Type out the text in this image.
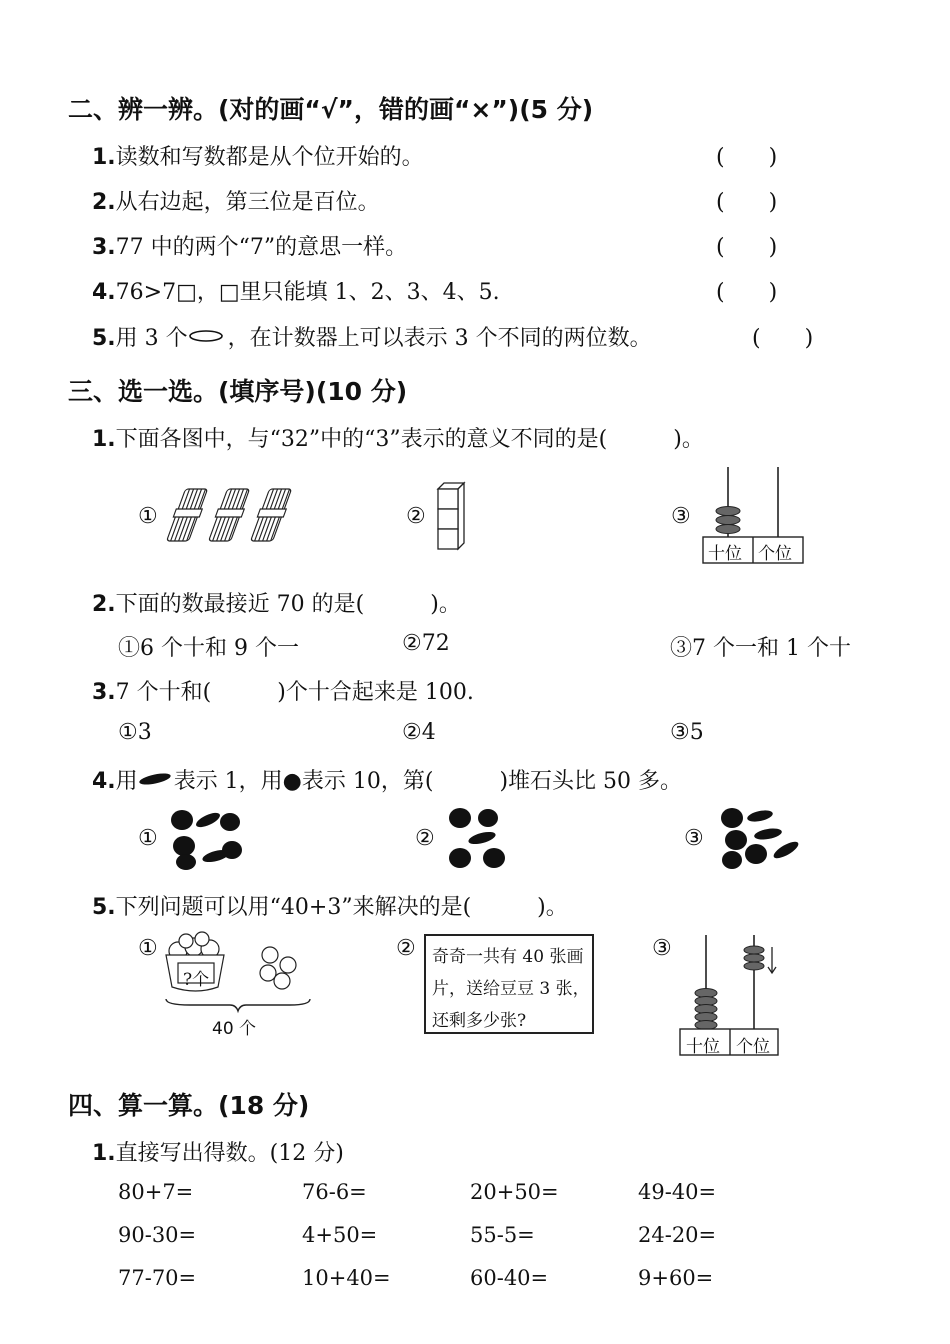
二、辨一辨。(对的画“√”，错的画“×”)(5 分)
1.读数和写数都是从个位开始的。	(　　)
2.从右边起，第三位是百位。	(　　)
3.77 中的两个“7”的意思一样。	(　　)
4.76>7□，□里只能填 1、2、3、4、5.	(　　)
5.用 3 个 ，在计数器上可以表示 3 个不同的两位数。	(　　)
三、选一选。(填序号)(10 分)
1.下面各图中，与“32”中的“3”表示的意义不同的是(　　　)。
①	②	③
十位 个位
2.下面的数最接近 70 的是(　　　)。
①6 个十和 9 个一	②72	③7 个一和 1 个十
3.7 个十和(　　　)个十合起来是 100.
①3	②4	③5
4.用 表示 1，用●表示 10，第(　　　)堆石头比 50 多。
①	②	③
5.下列问题可以用“40+3”来解决的是(　　　)。
①
?个
40 个
② 奇奇一共有 40 张画
片，送给豆豆 3 张，
还剩多少张?
③
十位 个位
四、算一算。(18 分)
1.直接写出得数。(12 分)
80+7=	76-6=	20+50=	49-40=
90-30=	4+50=	55-5=	24-20=
77-70=	10+40=	60-40=	9+60=
